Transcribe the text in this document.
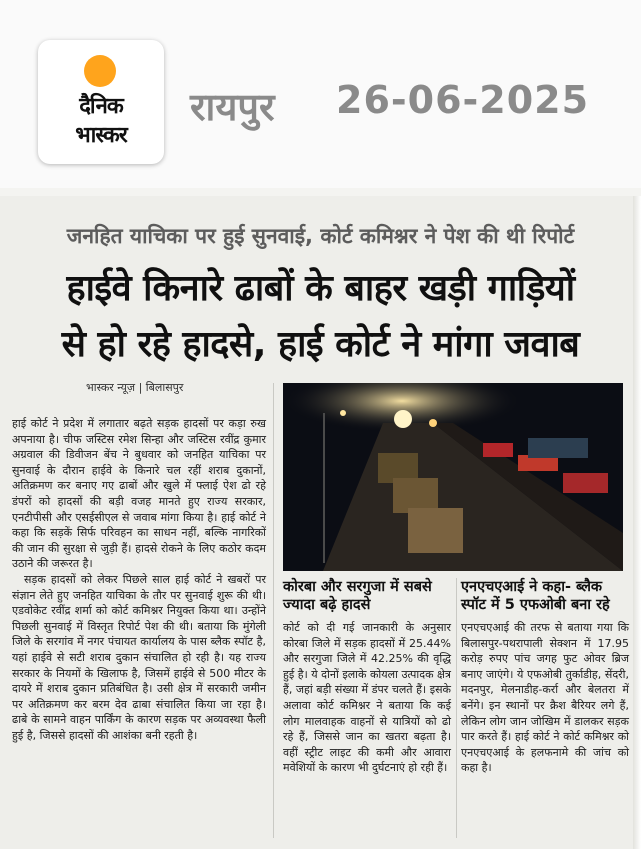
दैनिक
भास्कर
रायपुर 26-06-2025
जनहित याचिका पर हुई सुनवाई, कोर्ट कमिश्नर ने पेश की थी रिपोर्ट
हाईवे किनारे ढाबों के बाहर खड़ी गाड़ियों
से हो रहे हादसे, हाई कोर्ट ने मांगा जवाब
भास्कर न्यूज़ | बिलासपुर

हाई कोर्ट ने प्रदेश में लगातार बढ़ते सड़क हादसों पर कड़ा रुख अपनाया है। चीफ जस्टिस रमेश सिन्हा और जस्टिस रवींद्र कुमार अग्रवाल की डिवीजन बेंच ने बुधवार को जनहित याचिका पर सुनवाई के दौरान हाईवे के किनारे चल रहीं शराब दुकानों, अतिक्रमण कर बनाए गए ढाबों और खुले में फ्लाई ऐश ढो रहे डंपरों को हादसों की बड़ी वजह मानते हुए राज्य सरकार, एनटीपीसी और एसईसीएल से जवाब मांगा किया है। हाई कोर्ट ने कहा कि सड़कें सिर्फ परिवहन का साधन नहीं, बल्कि नागरिकों की जान की सुरक्षा से जुड़ी हैं। हादसे रोकने के लिए कठोर कदम उठाने की जरूरत है।

सड़क हादसों को लेकर पिछले साल हाई कोर्ट ने खबरों पर संज्ञान लेते हुए जनहित याचिका के तौर पर सुनवाई शुरू की थी। एडवोकेट रवींद्र शर्मा को कोर्ट कमिश्नर नियुक्त किया था। उन्होंने पिछली सुनवाई में विस्तृत रिपोर्ट पेश की थी। बताया कि मुंगेली जिले के सरगांव में नगर पंचायत कार्यालय के पास ब्लैक स्पॉट है, यहां हाईवे से सटी शराब दुकान संचालित हो रही है। यह राज्य सरकार के नियमों के खिलाफ है, जिसमें हाईवे से 500 मीटर के दायरे में शराब दुकान प्रतिबंधित है। उसी क्षेत्र में सरकारी जमीन पर अतिक्रमण कर बरम देव ढाबा संचालित किया जा रहा है। ढाबे के सामने वाहन पार्किंग के कारण सड़क पर अव्यवस्था फैली हुई है, जिससे हादसों की आशंका बनी रहती है।

कोरबा और सरगुजा में सबसे ज्यादा बढ़े हादसे
कोर्ट को दी गई जानकारी के अनुसार कोरबा जिले में सड़क हादसों में 25.44% और सरगुजा जिले में 42.25% की वृद्धि हुई है। ये दोनों इलाके कोयला उत्पादक क्षेत्र हैं, जहां बड़ी संख्या में डंपर चलते हैं। इसके अलावा कोर्ट कमिश्नर ने बताया कि कई लोग मालवाहक वाहनों से यात्रियों को ढो रहे हैं, जिससे जान का खतरा बढ़ता है। वहीं स्ट्रीट लाइट की कमी और आवारा मवेशियों के कारण भी दुर्घटनाएं हो रही हैं।
एनएचएआई ने कहा- ब्लैक स्पॉट में 5 एफओबी बना रहे
एनएचएआई की तरफ से बताया गया कि बिलासपुर-पथरापाली सेक्शन में 17.95 करोड़ रुपए पांच जगह फुट ओवर ब्रिज बनाए जाएंगे। ये एफओबी तुर्काडीह, सेंदरी, मदनपुर, मेलनाडीह-कर्रा और बेलतरा में बनेंगे। इन स्थानों पर क्रैश बैरियर लगे हैं, लेकिन लोग जान जोखिम में डालकर सड़क पार करते हैं। हाई कोर्ट ने कोर्ट कमिश्नर को एनएचएआई के हलफनामे की जांच को कहा है।
